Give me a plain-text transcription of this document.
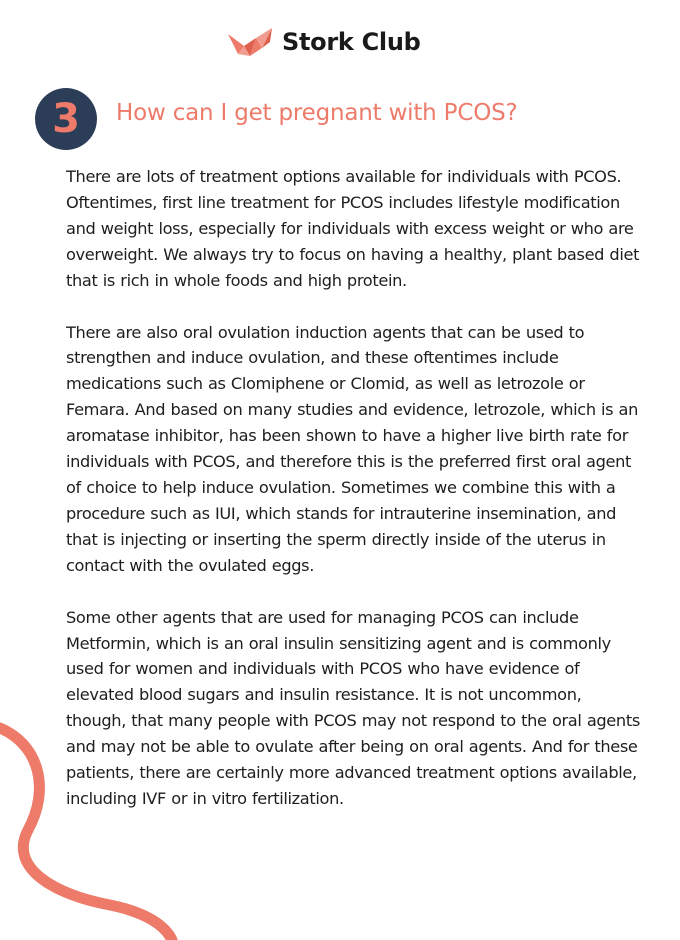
Stork Club
3 How can I get pregnant with PCOS?

There are lots of treatment options available for individuals with PCOS. Oftentimes, first line treatment for PCOS includes lifestyle modification and weight loss, especially for individuals with excess weight or who are overweight. We always try to focus on having a healthy, plant based diet that is rich in whole foods and high protein.

There are also oral ovulation induction agents that can be used to strengthen and induce ovulation, and these oftentimes include medications such as Clomiphene or Clomid, as well as letrozole or Femara. And based on many studies and evidence, letrozole, which is an aromatase inhibitor, has been shown to have a higher live birth rate for individuals with PCOS, and therefore this is the preferred first oral agent of choice to help induce ovulation. Sometimes we combine this with a procedure such as IUI, which stands for intrauterine insemination, and that is injecting or inserting the sperm directly inside of the uterus in contact with the ovulated eggs.

Some other agents that are used for managing PCOS can include Metformin, which is an oral insulin sensitizing agent and is commonly used for women and individuals with PCOS who have evidence of elevated blood sugars and insulin resistance. It is not uncommon, though, that many people with PCOS may not respond to the oral agents and may not be able to ovulate after being on oral agents. And for these patients, there are certainly more advanced treatment options available, including IVF or in vitro fertilization.
